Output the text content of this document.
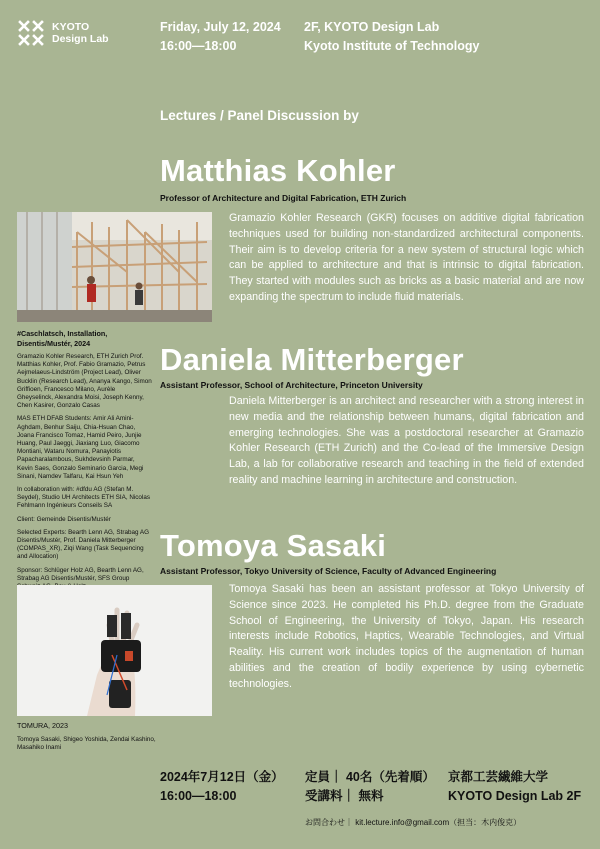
KYOTO
Design Lab
Friday, July 12, 2024
16:00—18:00
2F, KYOTO Design Lab
Kyoto Institute of Technology
Lectures / Panel Discussion by
Matthias Kohler
Professor of Architecture and Digital Fabrication, ETH Zurich
Gramazio Kohler Research (GKR) focuses on additive digital fabrication techniques used for building non-standardized architectural components. Their aim is to develop criteria for a new system of structural logic which can be applied to architecture and that is intrinsic to digital fabrication. They started with modules such as bricks as a basic material and are now expanding the spectrum to include fluid materials.

#Caschlatsch, Installation, Disentis/Mustér, 2024

Gramazio Kohler Research, ETH Zurich Prof. Matthias Kohler, Prof. Fabio Gramazio, Petrus Aejmelaeus-Lindström (Project Lead), Oliver Bucklin (Research Lead), Ananya Kango, Simon Griffioen, Francesco Milano, Aurèle Gheyselinck, Alexandra Moisi, Joseph Kenny, Chen Kasirer, Gonzalo Casas

MAS ETH DFAB Students: Amir Ali Amini-Aghdam, Benhur Saiju, Chia-Hsuan Chao, Joana Francisco Tomaz, Hamid Peiro, Junjie Huang, Paul Jaeggi, Jiaxiang Luo, Giacomo Montiani, Wataru Nomura, Panayiotis Papacharalambous, Sukhdevsinh Parmar, Kevin Saes, Gonzalo Seminario Garcia, Megi Sinani, Namdev Talfaru, Kai Hsun Yeh

In collaboration with: #dfdu AG (Stefan M. Seydel), Studio UH Architects ETH SIA, Nicolas Fehlmann Ingénieurs Conseils SA

Client: Gemeinde Disentis/Mustér

Selected Experts: Bearth Lenn AG, Strabag AG Disentis/Mustér, Prof. Daniela Mitterberger (COMPAS_XR), Ziqi Wang (Task Sequencing and Allocation)

Sponsor: Schlüger Holz AG, Bearth Lenn AG, Strabag AG Disentis/Mustér, SFS Group

Daniela Mitterberger
Assistant Professor, School of Architecture, Princeton University
Daniela Mitterberger is an architect and researcher with a strong interest in new media and the relationship between humans, digital fabrication and emerging technologies. She was a postdoctoral researcher at Gramazio Kohler Research (ETH Zurich) and the Co-lead of the Immersive Design Lab, a lab for collaborative research and teaching in the field of extended reality and machine learning in architecture and construction.
Tomoya Sasaki
Assistant Professor, Tokyo University of Science, Faculty of Advanced Engineering
Tomoya Sasaki has been an assistant professor at Tokyo University of Science since 2023. He completed his Ph.D. degree from the Graduate School of Engineering, the University of Tokyo, Japan. His research interests include Robotics, Haptics, Wearable Technologies, and Virtual Reality. His current work includes topics of the augmentation of human abilities and the creation of bodily experience by using cybernetic technologies.

TOMURA, 2023

Tomoya Sasaki, Shigeo Yoshida, Zendai Kashino, Masahiko Inami

2024年7月12日（金）
16:00—18:00
定員｜ 40名（先着順）
受講料｜ 無料
京都工芸繊維大学
KYOTO Design Lab 2F
お問合わせ｜ kit.lecture.info@gmail.com（担当：木内俊克）
